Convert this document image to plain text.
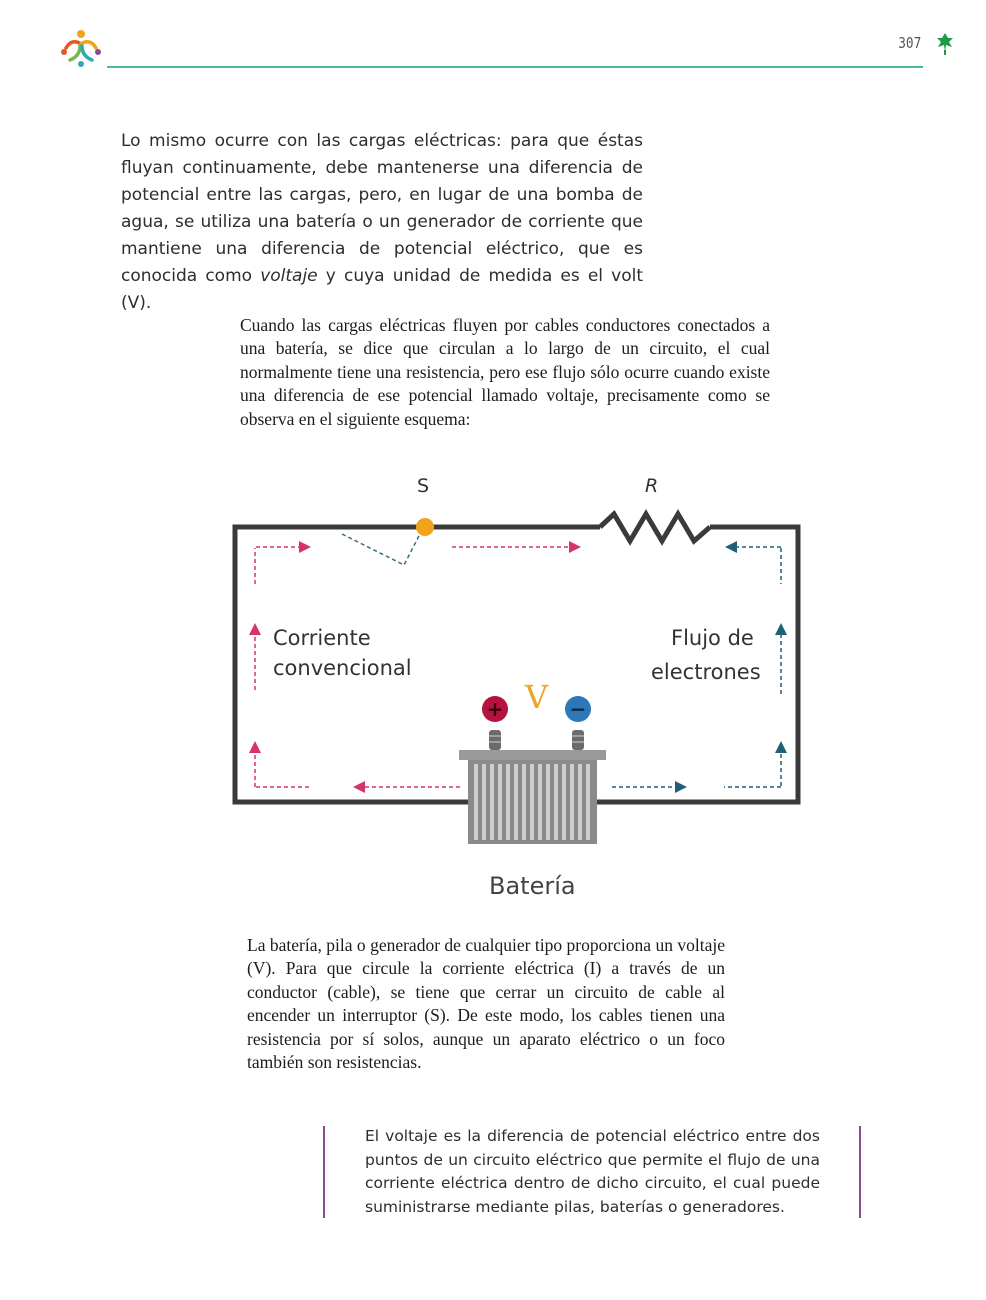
307
Lo mismo ocurre con las cargas eléctricas: para que éstas fluyan continuamente, debe mantenerse una diferencia de potencial entre las cargas, pero, en lugar de una bomba de agua, se utiliza una batería o un generador de corriente que mantiene una diferencia de potencial eléctrico, que es conocida como voltaje y cuya unidad de medida es el volt (V).
Cuando las cargas eléctricas fluyen por cables conductores conectados a una batería, se dice que circulan a lo largo de un circuito, el cual normalmente tiene una resistencia, pero ese flujo sólo ocurre cuando existe una diferencia de ese potencial llamado voltaje, precisamente como se observa en el siguiente esquema:
+	−
S	R
Corriente
convencional
Flujo de
electrones
V
Batería
La batería, pila o generador de cualquier tipo proporciona un voltaje (V). Para que circule la corriente eléctrica (I) a través de un conductor (cable), se tiene que cerrar un circuito de cable al encender un interruptor (S). De este modo, los cables tienen una resistencia por sí solos, aunque un aparato eléctrico o un foco también son resistencias.
El voltaje es la diferencia de potencial eléctrico entre dos puntos de un circuito eléctrico que permite el flujo de una corriente eléctrica dentro de dicho circuito, el cual puede suministrarse mediante pilas, baterías o generadores.
